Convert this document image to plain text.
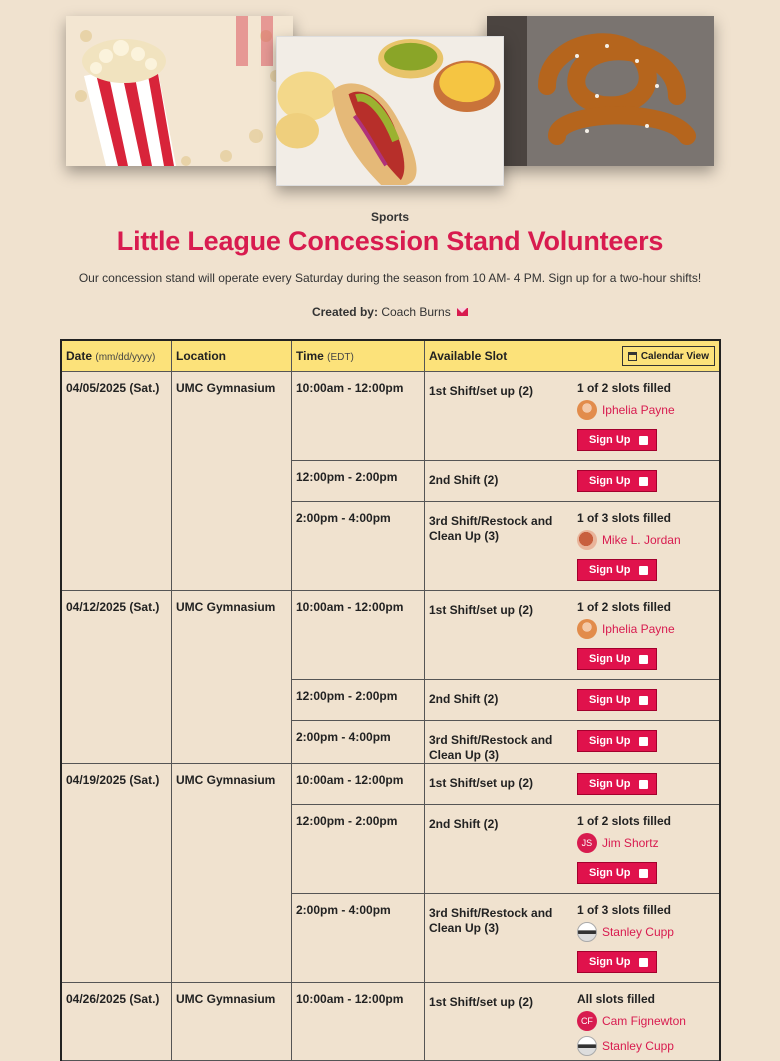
Sports
Little League Concession Stand Volunteers
Our concession stand will operate every Saturday during the season from 10 AM- 4 PM. Sign up for a two-hour shifts!
Created by: Coach Burns
Date (mm/dd/yyyy)	Location	Time (EDT)	Available Slot	Calendar View
04/05/2025 (Sat.)	UMC Gymnasium	10:00am - 12:00pm	1st Shift/set up (2)	1 of 2 slots filled
Iphelia Payne
Sign Up
12:00pm - 2:00pm	2nd Shift (2)	Sign Up
2:00pm - 4:00pm	3rd Shift/Restock and Clean Up (3)
1 of 3 slots filled
Mike L. Jordan
Sign Up
04/12/2025 (Sat.)	UMC Gymnasium	10:00am - 12:00pm	1st Shift/set up (2)	1 of 2 slots filled
Iphelia Payne
Sign Up
12:00pm - 2:00pm	2nd Shift (2)	Sign Up
2:00pm - 4:00pm	3rd Shift/Restock and Clean Up (3)
Sign Up
04/19/2025 (Sat.)	UMC Gymnasium	10:00am - 12:00pm	1st Shift/set up (2)	Sign Up
12:00pm - 2:00pm	2nd Shift (2)	1 of 2 slots filled
JS Jim Shortz
Sign Up
2:00pm - 4:00pm	3rd Shift/Restock and Clean Up (3)
1 of 3 slots filled
Stanley Cupp
Sign Up
04/26/2025 (Sat.)	UMC Gymnasium	10:00am - 12:00pm	1st Shift/set up (2)	All slots filled
CF Cam Fignewton
Stanley Cupp
